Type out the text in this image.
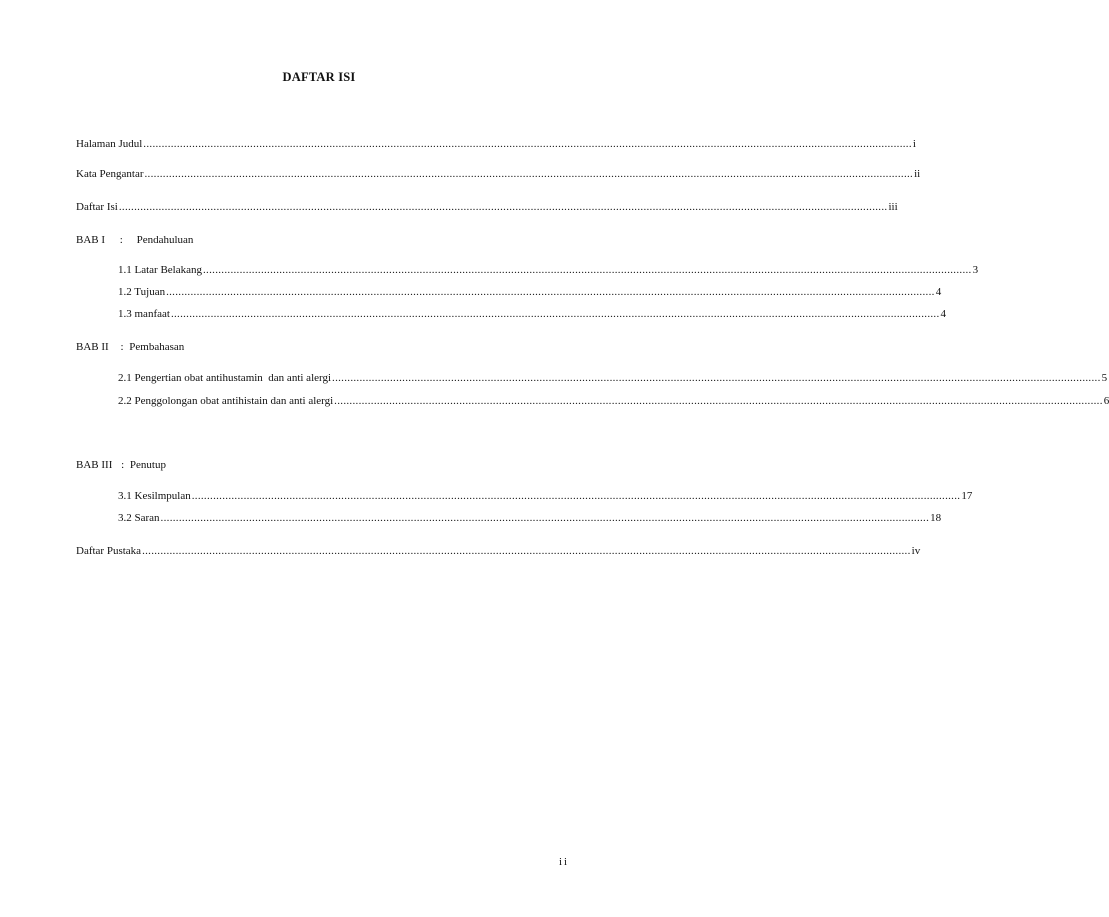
DAFTAR ISI
Halaman Judul ............................................................................................................................................................................................................................................................ i
Kata Pengantar ............................................................................................................................................................................................................................................................ ii
Daftar Isi ............................................................................................................................................................................................................................................................ iii
BAB I : Pendahuluan
1.1 Latar Belakang ............................................................................................................................................................................................................................................................ 3
1.2 Tujuan ............................................................................................................................................................................................................................................................ 4
1.3 manfaat ............................................................................................................................................................................................................................................................ 4
BAB II : Pembahasan
2.1 Pengertian obat antihustamin  dan anti alergi ............................................................................................................................................................................................................................................................ 5
2.2 Penggolongan obat antihistain dan anti alergi ............................................................................................................................................................................................................................................................ 6
BAB III : Penutup
3.1 Kesilmpulan ............................................................................................................................................................................................................................................................ 17
3.2 Saran ............................................................................................................................................................................................................................................................ 18
Daftar Pustaka ............................................................................................................................................................................................................................................................ iv
ii
